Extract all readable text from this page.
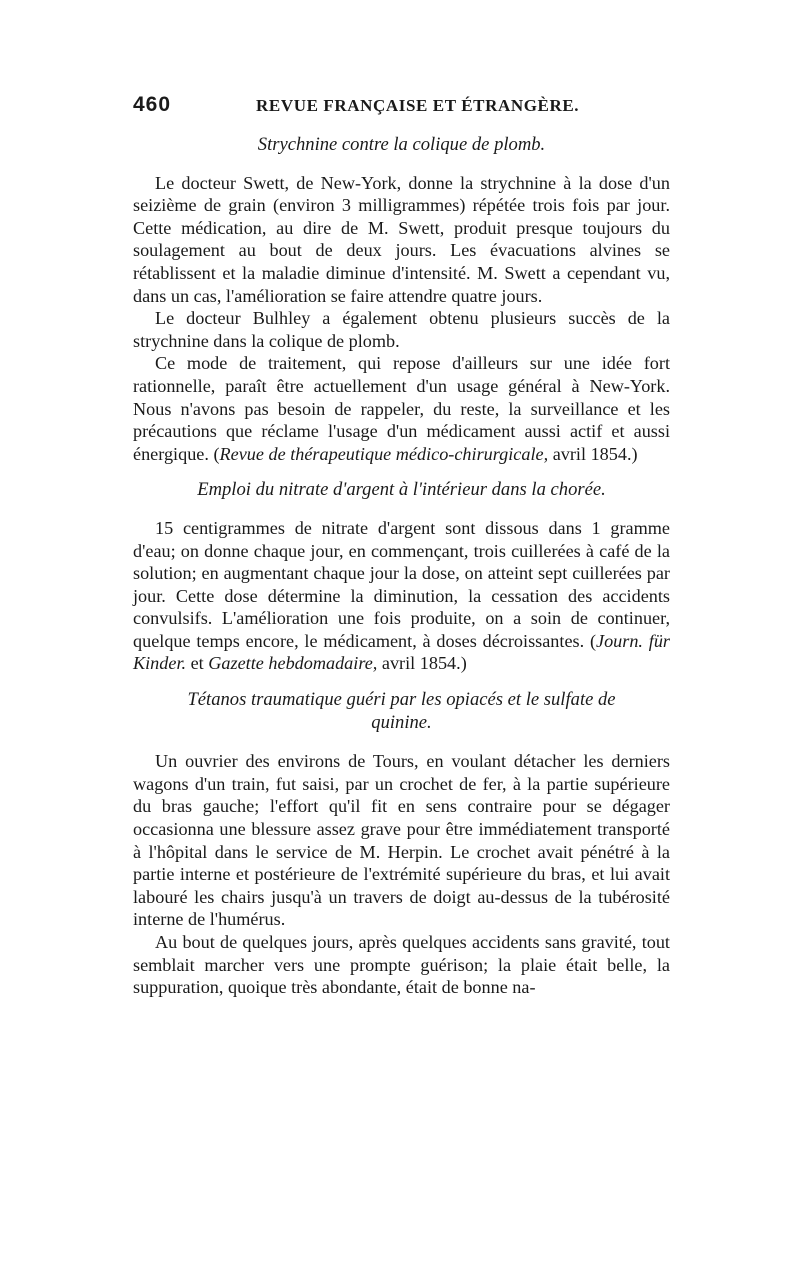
460	REVUE FRANÇAISE ET ÉTRANGÈRE.
Strychnine contre la colique de plomb.

Le docteur Swett, de New-York, donne la strychnine à la dose d'un seizième de grain (environ 3 milligrammes) répétée trois fois par jour. Cette médication, au dire de M. Swett, produit presque toujours du soulagement au bout de deux jours. Les évacuations alvines se rétablissent et la maladie diminue d'intensité. M. Swett a cependant vu, dans un cas, l'amélioration se faire attendre quatre jours.

Le docteur Bulhley a également obtenu plusieurs succès de la strychnine dans la colique de plomb.

Ce mode de traitement, qui repose d'ailleurs sur une idée fort rationnelle, paraît être actuellement d'un usage général à New-York. Nous n'avons pas besoin de rappeler, du reste, la surveillance et les précautions que réclame l'usage d'un médicament aussi actif et aussi énergique. (Revue de thérapeutique médico-chirurgicale, avril 1854.)

Emploi du nitrate d'argent à l'intérieur dans la chorée.

15 centigrammes de nitrate d'argent sont dissous dans 1 gramme d'eau; on donne chaque jour, en commençant, trois cuillerées à café de la solution; en augmentant chaque jour la dose, on atteint sept cuillerées par jour. Cette dose détermine la diminution, la cessation des accidents convulsifs. L'amélioration une fois produite, on a soin de continuer, quelque temps encore, le médicament, à doses décroissantes. (Journ. für Kinder. et Gazette hebdomadaire, avril 1854.)

Tétanos traumatique guéri par les opiacés et le sulfate de quinine.

Un ouvrier des environs de Tours, en voulant détacher les derniers wagons d'un train, fut saisi, par un crochet de fer, à la partie supérieure du bras gauche; l'effort qu'il fit en sens contraire pour se dégager occasionna une blessure assez grave pour être immédiatement transporté à l'hôpital dans le service de M. Herpin. Le crochet avait pénétré à la partie interne et postérieure de l'extrémité supérieure du bras, et lui avait labouré les chairs jusqu'à un travers de doigt au-dessus de la tubérosité interne de l'humérus.

Au bout de quelques jours, après quelques accidents sans gravité, tout semblait marcher vers une prompte guérison; la plaie était belle, la suppuration, quoique très abondante, était de bonne na-
